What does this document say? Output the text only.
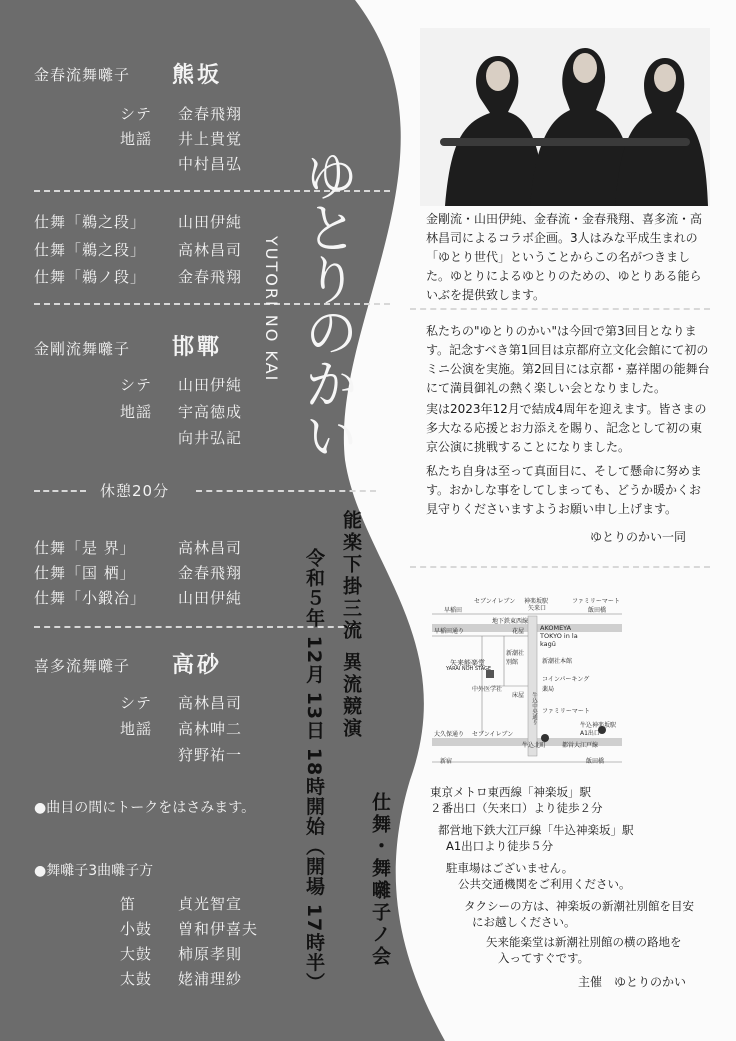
金春流舞囃子 熊坂
シテ 金春飛翔
地謡 井上貴覚
中村昌弘
仕舞「鵜之段」 山田伊純
仕舞「鵜之段」 高林昌司
仕舞「鵜ノ段」 金春飛翔
金剛流舞囃子 邯鄲
シテ 山田伊純
地謡 宇高徳成
向井弘記
休憩20分
仕舞「是 界」	高林昌司
仕舞「国 栖」	金春飛翔
仕舞「小鍛冶」 山田伊純
喜多流舞囃子 高砂
シテ 高林昌司
地謡 高林呻二
狩野祐一
●曲目の間にトークをはさみます。
●舞囃子3曲囃子方
笛	貞光智宣
小鼓 曽和伊喜夫
大鼓 柿原孝則
太鼓 姥浦理紗
ゆとりのかい
YUTORI NO KAI
能楽下掛三流 異流競演
仕舞・舞囃子ノ会
令和５年 12月 13日 18時開始（開場 17時半）
金剛流・山田伊純、金春流・金春飛翔、喜多流・高林昌司によるコラボ企画。3人はみな平成生まれの「ゆとり世代」ということからこの名がつきました。ゆとりによるゆとりのための、ゆとりある能らいぶを提供致します。
私たちの"ゆとりのかい"は今回で第3回目となります。記念すべき第1回目は京都府立文化会館にて初のミニ公演を実施。第2回目には京都・嘉祥閣の能舞台にて満員御礼の熱く楽しい会となりました。
実は2023年12月で結成4周年を迎えます。皆さまの多大なる応援とお力添えを賜り、記念として初の東京公演に挑戦することになりました。
私たち自身は至って真面目に、そして懸命に努めます。おかしな事をしてしまっても、どうか暖かくお見守りくださいますようお願い申し上げます。
ゆとりのかい一同
セブンイレブン 神楽坂駅
矢来口
ファミリーマート
早稲田	飯田橋
地下鉄東西線
早稲田通り	花屋 AKOMEYA TOKYO in la kagū
新潮社別館	新潮社本館
矢来能楽堂
YARAI NOH STAGE
中外医学社
コインパーキング
薬局
床屋
ファミリーマート
牛込中央通り
牛込神楽坂駅
A1出口
大久保通り セブンイレブン
牛込北町	都営大江戸線
新宿	飯田橋
東京メトロ東西線「神楽坂」駅
２番出口（矢来口）より徒歩２分
都営地下鉄大江戸線「牛込神楽坂」駅
A1出口より徒歩５分
駐車場はございません。
公共交通機関をご利用ください。
タクシーの方は、神楽坂の新潮社別館を目安
にお越しください。
矢来能楽堂は新潮社別館の横の路地を
入ってすぐです。
主催　ゆとりのかい
